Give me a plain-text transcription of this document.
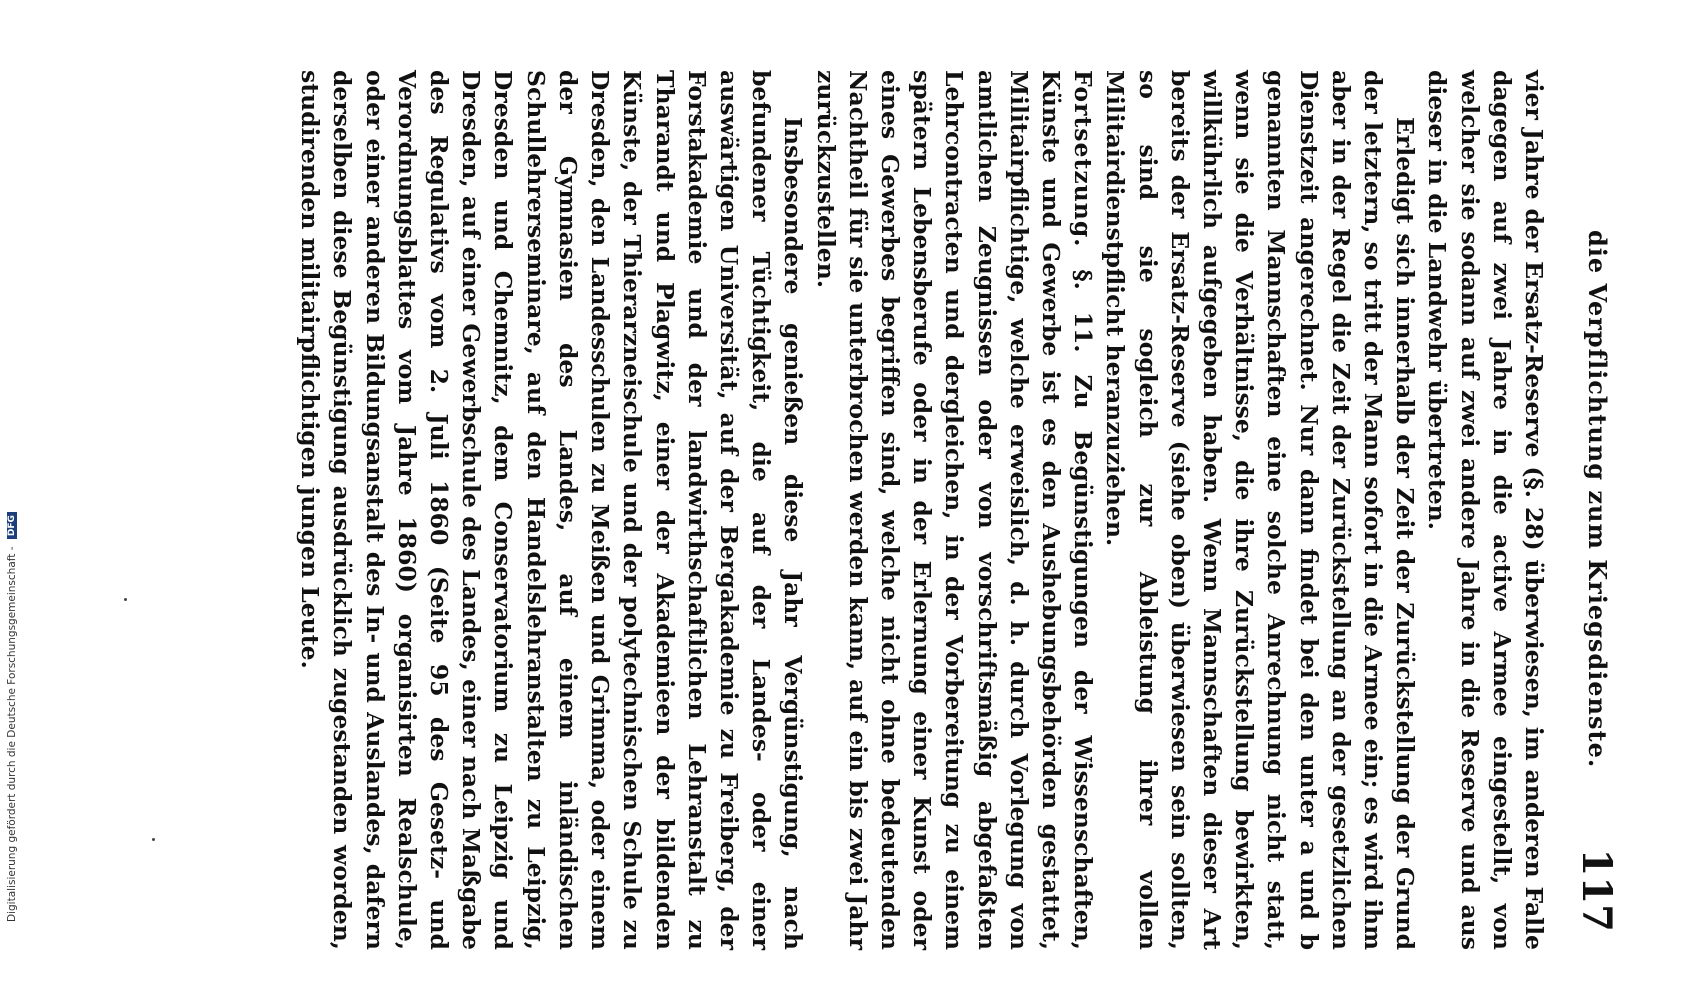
Digitalisierung gefördert durch die Deutsche Forschungsgemeinschaft - DFG	die Verpflichtung zum Kriegsdienste.
117

vier Jahre der Ersatz-Reserve (§. 28) überwiesen, im anderen Falle dagegen auf zwei Jahre in die active Armee eingestellt, von welcher sie sodann auf zwei andere Jahre in die Reserve und aus dieser in die Landwehr übertreten.

Erledigt sich innerhalb der Zeit der Zurückstellung der Grund der letztern, so tritt der Mann sofort in die Armee ein; es wird ihm aber in der Regel die Zeit der Zurückstellung an der gesetzlichen Dienstzeit angerechnet. Nur dann findet bei den unter a und b genannten Mannschaften eine solche Anrechnung nicht statt, wenn sie die Verhältnisse, die ihre Zurückstellung bewirkten, willkührlich aufgegeben haben. Wenn Mannschaften dieser Art bereits der Ersatz-Reserve (siehe oben) überwiesen sein sollten, so sind sie sogleich zur Ableistung ihrer vollen Militairdienstpflicht heranzuziehen.

Fortsetzung. §. 11. Zu Begünstigungen der Wissenschaften, Künste und Gewerbe ist es den Aushebungsbehörden gestattet, Militairpflichtige, welche erweislich, d. h. durch Vorlegung von amtlichen Zeugnissen oder von vorschriftsmäßig abgefaßten Lehrcontracten und dergleichen, in der Vorbereitung zu einem spätern Lebensberufe oder in der Erlernung einer Kunst oder eines Gewerbes begriffen sind, welche nicht ohne bedeutenden Nachtheil für sie unterbrochen werden kann, auf ein bis zwei Jahr zurückzustellen.

Insbesondere genießen diese Jahr Vergünstigung, nach befundener Tüchtigkeit, die auf der Landes- oder einer auswärtigen Universität, auf der Bergakademie zu Freiberg, der Forstakademie und der landwirthschaftlichen Lehranstalt zu Tharandt und Plagwitz, einer der Akademieen der bildenden Künste, der Thierarzneischule und der polytechnischen Schule zu Dresden, den Landesschulen zu Meißen und Grimma, oder einem der Gymnasien des Landes, auf einem inländischen Schullehrerseminare, auf den Handelslehranstalten zu Leipzig, Dresden und Chemnitz, dem Conservatorium zu Leipzig und Dresden, auf einer Gewerbschule des Landes, einer nach Maßgabe des Regulativs vom 2. Juli 1860 (Seite 95 des Gesetz- und Verordnungsblattes vom Jahre 1860) organisirten Realschule, oder einer anderen Bildungsanstalt des In- und Auslandes, dafern derselben diese Begünstigung ausdrücklich zugestanden worden, studirenden militairpflichtigen jungen Leute.
